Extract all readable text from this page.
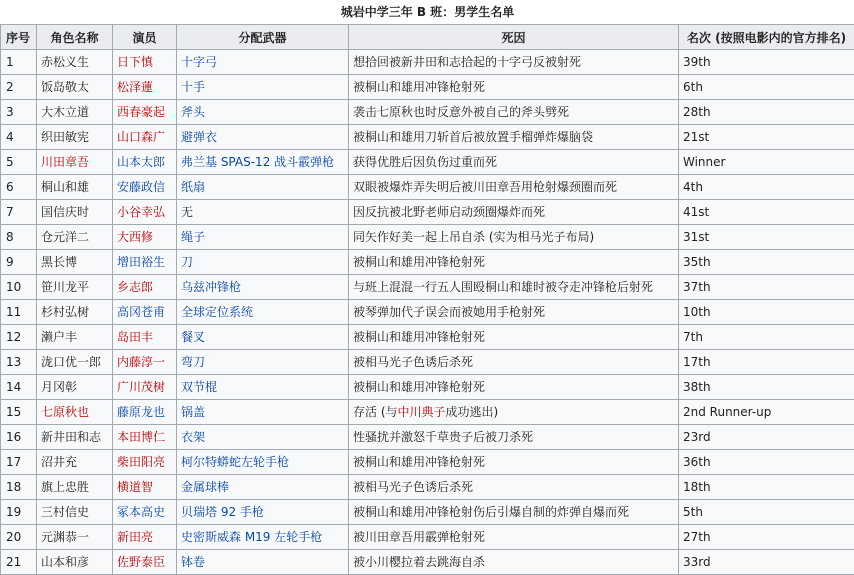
城岩中学三年 B 班：男学生名单
序号	角色名称	演员	分配武器	死因	名次 (按照电影内的官方排名)
1	赤松义生	日下慎	十字弓	想拾回被新井田和志拾起的十字弓反被射死	39th
2	饭岛敬太	松泽蓮	十手	被桐山和雄用冲锋枪射死	6th
3	大木立道	西春豪起	斧头	袭击七原秋也时反意外被自己的斧头劈死	28th
4	织田敏宪	山口森广	避弹衣	被桐山和雄用刀斩首后被放置手榴弹炸爆脑袋	21st
5	川田章吾	山本太郎	弗兰基 SPAS-12 战斗霰弹枪	获得优胜后因负伤过重而死	Winner
6	桐山和雄	安藤政信	纸扇	双眼被爆炸弄失明后被川田章吾用枪射爆颈圈而死	4th
7	国信庆时	小谷幸弘	无	因反抗被北野老师启动颈圈爆炸而死	41st
8	仓元洋二	大西修	绳子	同矢作好美一起上吊自杀 (实为相马光子布局)	31st
9	黑长博	增田裕生	刀	被桐山和雄用冲锋枪射死	35th
10	笹川龙平	乡志郎	乌兹冲锋枪	与班上混混一行五人围殴桐山和雄时被夺走冲锋枪后射死	37th
11	杉村弘树	高冈苍甫	全球定位系统	被琴弹加代子误会而被她用手枪射死	10th
12	濑户丰	岛田丰	餐叉	被桐山和雄用冲锋枪射死	7th
13	泷口优一郎	内藤淳一	弯刀	被相马光子色诱后杀死	17th
14	月冈彰	广川茂树	双节棍	被桐山和雄用冲锋枪射死	38th
15	七原秋也	藤原龙也	锅盖	存活 (与中川典子成功逃出)	2nd Runner-up
16	新井田和志	本田博仁	衣架	性骚扰并激怒千草贵子后被刀杀死	23rd
17	沼井充	柴田阳亮	柯尔特蟒蛇左轮手枪	被桐山和雄用冲锋枪射死	36th
18	旗上忠胜	横道智	金属球棒	被相马光子色诱后杀死	18th
19	三村信史	冢本高史	贝瑞塔 92 手枪	被桐山和雄用冲锋枪射伤后引爆自制的炸弹自爆而死	5th
20	元渊恭一	新田亮	史密斯威森 M19 左轮手枪	被川田章吾用霰弹枪射死	27th
21	山本和彦	佐野泰臣	钵卷	被小川樱拉着去跳海自杀	33rd
